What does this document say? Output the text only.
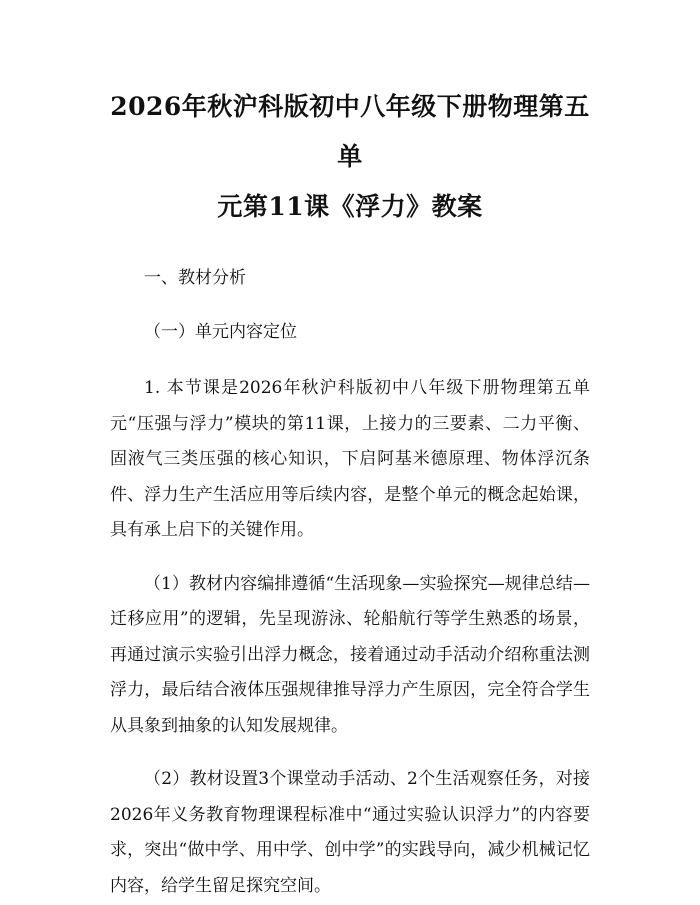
2026年秋沪科版初中八年级下册物理第五单
元第11课《浮力》教案

一、教材分析

（一）单元内容定位

1. 本节课是2026年秋沪科版初中八年级下册物理第五单元“压强与浮力”模块的第11课，上接力的三要素、二力平衡、固液气三类压强的核心知识，下启阿基米德原理、物体浮沉条件、浮力生产生活应用等后续内容，是整个单元的概念起始课，具有承上启下的关键作用。

（1）教材内容编排遵循“生活现象—实验探究—规律总结—迁移应用”的逻辑，先呈现游泳、轮船航行等学生熟悉的场景，再通过演示实验引出浮力概念，接着通过动手活动介绍称重法测浮力，最后结合液体压强规律推导浮力产生原因，完全符合学生从具象到抽象的认知发展规律。

（2）教材设置3个课堂动手活动、2个生活观察任务，对接2026年义务教育物理课程标准中“通过实验认识浮力”的内容要求，突出“做中学、用中学、创中学”的实践导向，减少机械记忆内容，给学生留足探究空间。
